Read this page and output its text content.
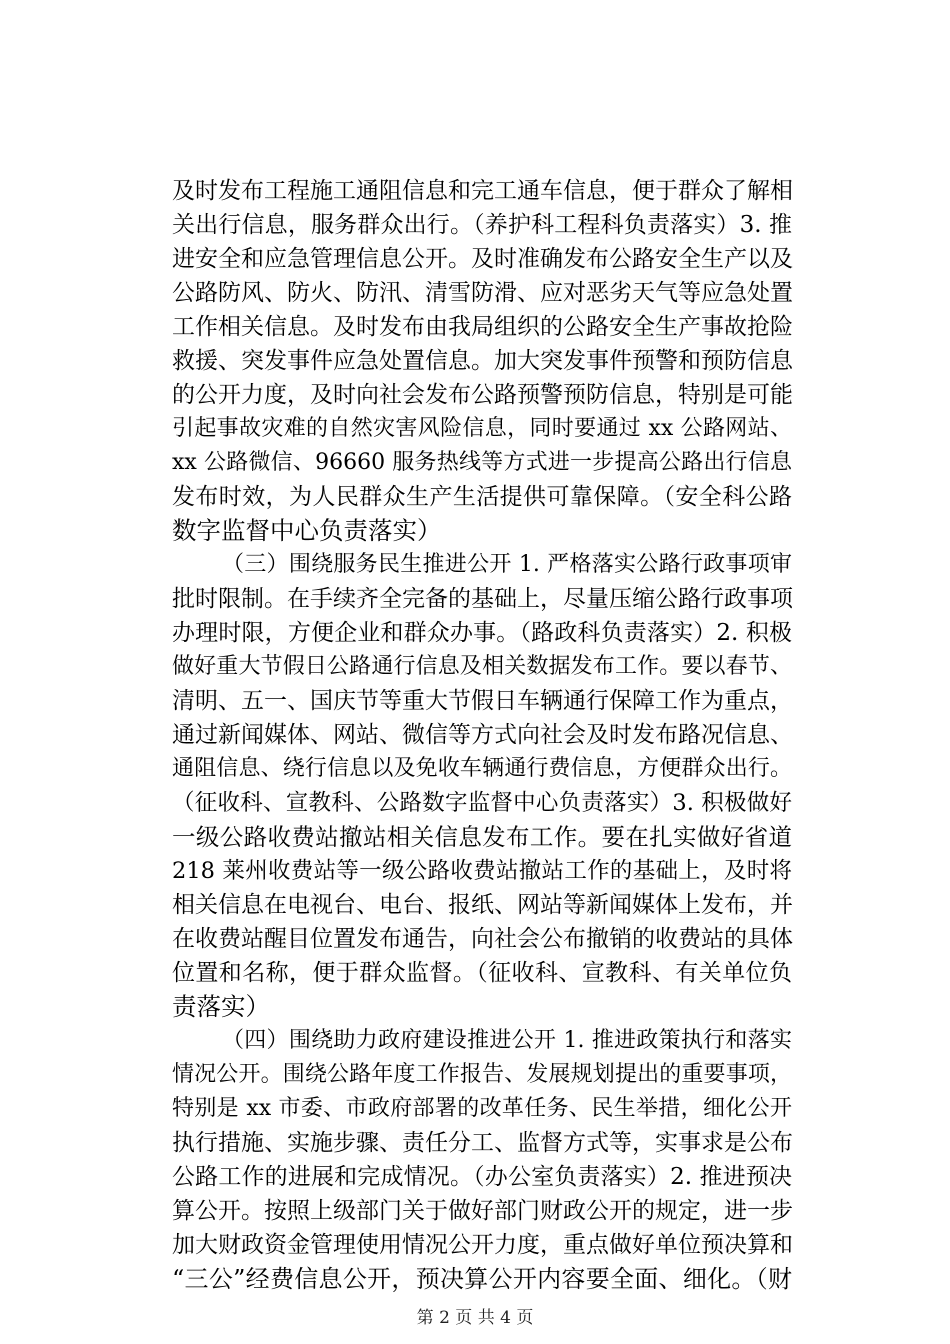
及时发布工程施工通阻信息和完工通车信息，便于群众了解相
关出行信息，服务群众出行。（养护科工程科负责落实）3. 推
进安全和应急管理信息公开。及时准确发布公路安全生产以及
公路防风、防火、防汛、清雪防滑、应对恶劣天气等应急处置
工作相关信息。及时发布由我局组织的公路安全生产事故抢险
救援、突发事件应急处置信息。加大突发事件预警和预防信息
的公开力度，及时向社会发布公路预警预防信息，特别是可能
引起事故灾难的自然灾害风险信息，同时要通过 xx 公路网站、
xx 公路微信、96660 服务热线等方式进一步提高公路出行信息
发布时效，为人民群众生产生活提供可靠保障。（安全科公路
数字监督中心负责落实）
（三）围绕服务民生推进公开 1. 严格落实公路行政事项审
批时限制。在手续齐全完备的基础上，尽量压缩公路行政事项
办理时限，方便企业和群众办事。（路政科负责落实）2. 积极
做好重大节假日公路通行信息及相关数据发布工作。要以春节、
清明、五一、国庆节等重大节假日车辆通行保障工作为重点，
通过新闻媒体、网站、微信等方式向社会及时发布路况信息、
通阻信息、绕行信息以及免收车辆通行费信息，方便群众出行。
（征收科、宣教科、公路数字监督中心负责落实）3. 积极做好
一级公路收费站撤站相关信息发布工作。要在扎实做好省道
218 莱州收费站等一级公路收费站撤站工作的基础上，及时将
相关信息在电视台、电台、报纸、网站等新闻媒体上发布，并
在收费站醒目位置发布通告，向社会公布撤销的收费站的具体
位置和名称，便于群众监督。（征收科、宣教科、有关单位负
责落实）
（四）围绕助力政府建设推进公开 1. 推进政策执行和落实
情况公开。围绕公路年度工作报告、发展规划提出的重要事项，
特别是 xx 市委、市政府部署的改革任务、民生举措，细化公开
执行措施、实施步骤、责任分工、监督方式等，实事求是公布
公路工作的进展和完成情况。（办公室负责落实）2. 推进预决
算公开。按照上级部门关于做好部门财政公开的规定，进一步
加大财政资金管理使用情况公开力度，重点做好单位预决算和
“三公”经费信息公开，预决算公开内容要全面、细化。（财
第 2 页 共 4 页
